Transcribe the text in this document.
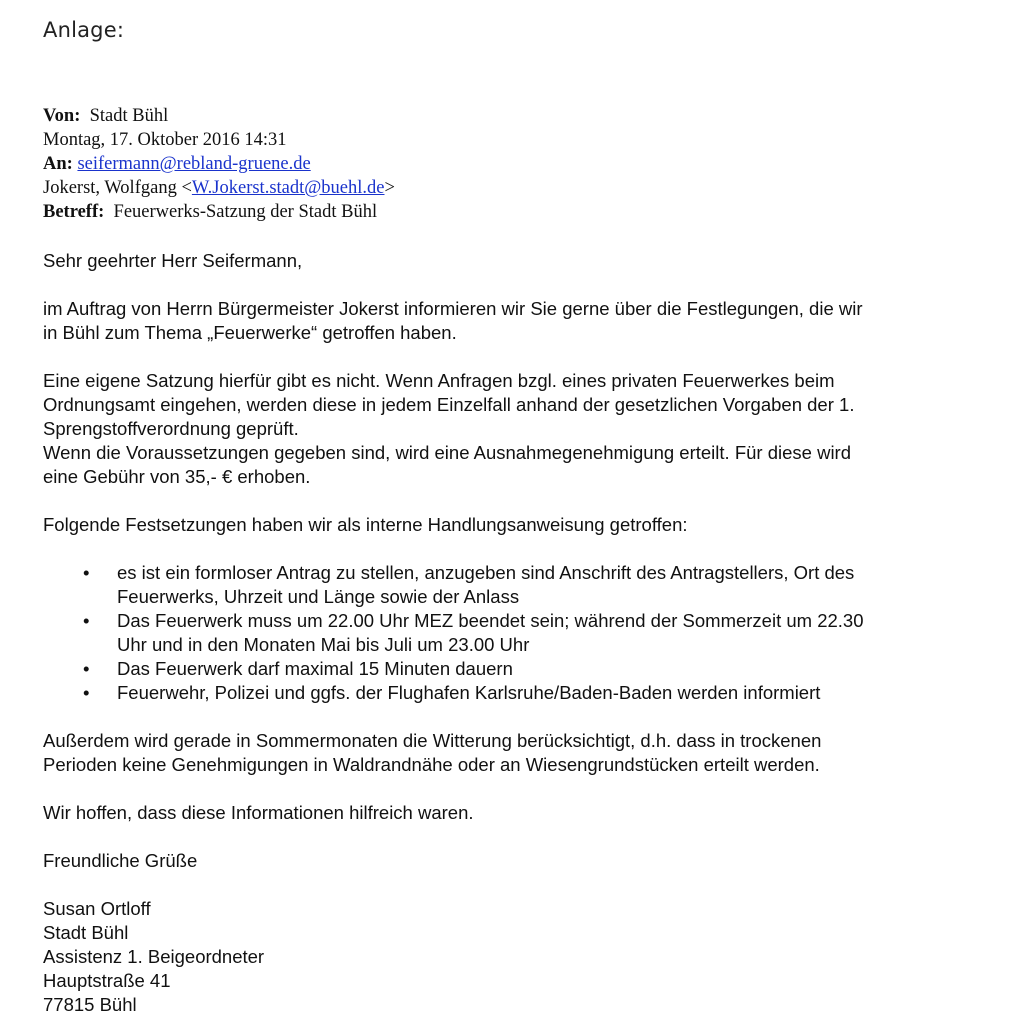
Anlage:
Von: Stadt Bühl
Montag, 17. Oktober 2016 14:31
An: seifermann@rebland-gruene.de
Jokerst, Wolfgang <W.Jokerst.stadt@buehl.de>
Betreff: Feuerwerks-Satzung der Stadt Bühl

Sehr geehrter Herr Seifermann,

im Auftrag von Herrn Bürgermeister Jokerst informieren wir Sie gerne über die Festlegungen, die wir
in Bühl zum Thema „Feuerwerke“ getroffen haben.

Eine eigene Satzung hierfür gibt es nicht. Wenn Anfragen bzgl. eines privaten Feuerwerkes beim
Ordnungsamt eingehen, werden diese in jedem Einzelfall anhand der gesetzlichen Vorgaben der 1.
Sprengstoffverordnung geprüft.
Wenn die Voraussetzungen gegeben sind, wird eine Ausnahmegenehmigung erteilt. Für diese wird
eine Gebühr von 35,- € erhoben.

Folgende Festsetzungen haben wir als interne Handlungsanweisung getroffen:

• es ist ein formloser Antrag zu stellen, anzugeben sind Anschrift des Antragstellers, Ort des
Feuerwerks, Uhrzeit und Länge sowie der Anlass
• Das Feuerwerk muss um 22.00 Uhr MEZ beendet sein; während der Sommerzeit um 22.30
Uhr und in den Monaten Mai bis Juli um 23.00 Uhr
• Das Feuerwerk darf maximal 15 Minuten dauern
• Feuerwehr, Polizei und ggfs. der Flughafen Karlsruhe/Baden-Baden werden informiert

Außerdem wird gerade in Sommermonaten die Witterung berücksichtigt, d.h. dass in trockenen
Perioden keine Genehmigungen in Waldrandnähe oder an Wiesengrundstücken erteilt werden.

Wir hoffen, dass diese Informationen hilfreich waren.

Freundliche Grüße

Susan Ortloff
Stadt Bühl
Assistenz 1. Beigeordneter
Hauptstraße 41
77815 Bühl
